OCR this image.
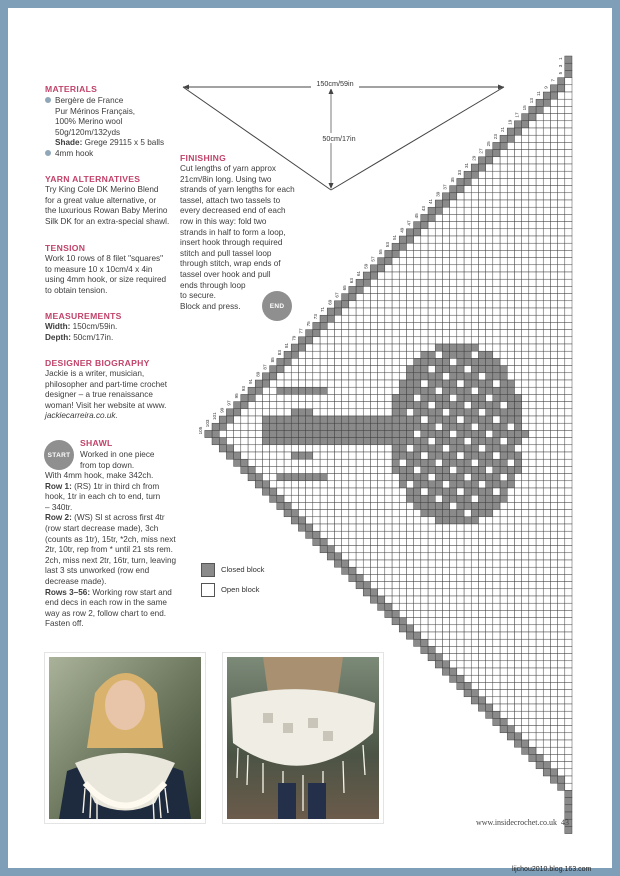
150cm/59in
50cm/17in
1
3
5
7
9
11
13
15
17
19
21
23
25
27
29
31
33
35
37
39
41
43
45
47
49
51
53
55
57
59
61
63
65
67
69
71
73
75
77
79
81
83
85
87
89
91
93
95
97
99
101
103
105
MATERIALS
Bergère de France
Pur Mérinos Français,
100% Merino wool
50g/120m/132yds
Shade: Grege 29115 x 5 balls
4mm hook
YARN ALTERNATIVES
Try King Cole DK Merino Blend
for a great value alternative, or
the luxurious Rowan Baby Merino
Silk DK for an extra-special shawl.
TENSION
Work 10 rows of 8 filet "squares"
to measure 10 x 10cm/4 x 4in
using 4mm hook, or size required
to obtain tension.
MEASUREMENTS
Width: 150cm/59in.
Depth: 50cm/17in.
DESIGNER BIOGRAPHY
Jackie is a writer, musician,
philosopher and part-time crochet
designer – a true renaissance
woman! Visit her website at www.
jackiecarreira.co.uk.
SHAWL
START	Worked in one piece
from top down.
With 4mm hook, make 342ch.
Row 1: (RS) 1tr in third ch from
hook, 1tr in each ch to end, turn
– 340tr.
Row 2: (WS) Sl st across first 4tr
(row start decrease made), 3ch
(counts as 1tr), 15tr, *2ch, miss next
2tr, 10tr, rep from * until 21 sts rem.
2ch, miss next 2tr, 16tr, turn, leaving
last 3 sts unworked (row end
decrease made).
Rows 3–56: Working row start and
end decs in each row in the same
way as row 2, follow chart to end.
Fasten off.
FINISHING
Cut lengths of yarn approx
21cm/8in long. Using two
strands of yarn lengths for each
tassel, attach two tassels to
every decreased end of each
row in this way: fold two
strands in half to form a loop,
insert hook through required
stitch and pull tassel loop
through stitch, wrap ends of
tassel over hook and pull
ends through loop
to secure.
Block and press.	END
Closed block
Open block
www.insidecrochet.co.uk 43
lijchou2010.blog.163.com
